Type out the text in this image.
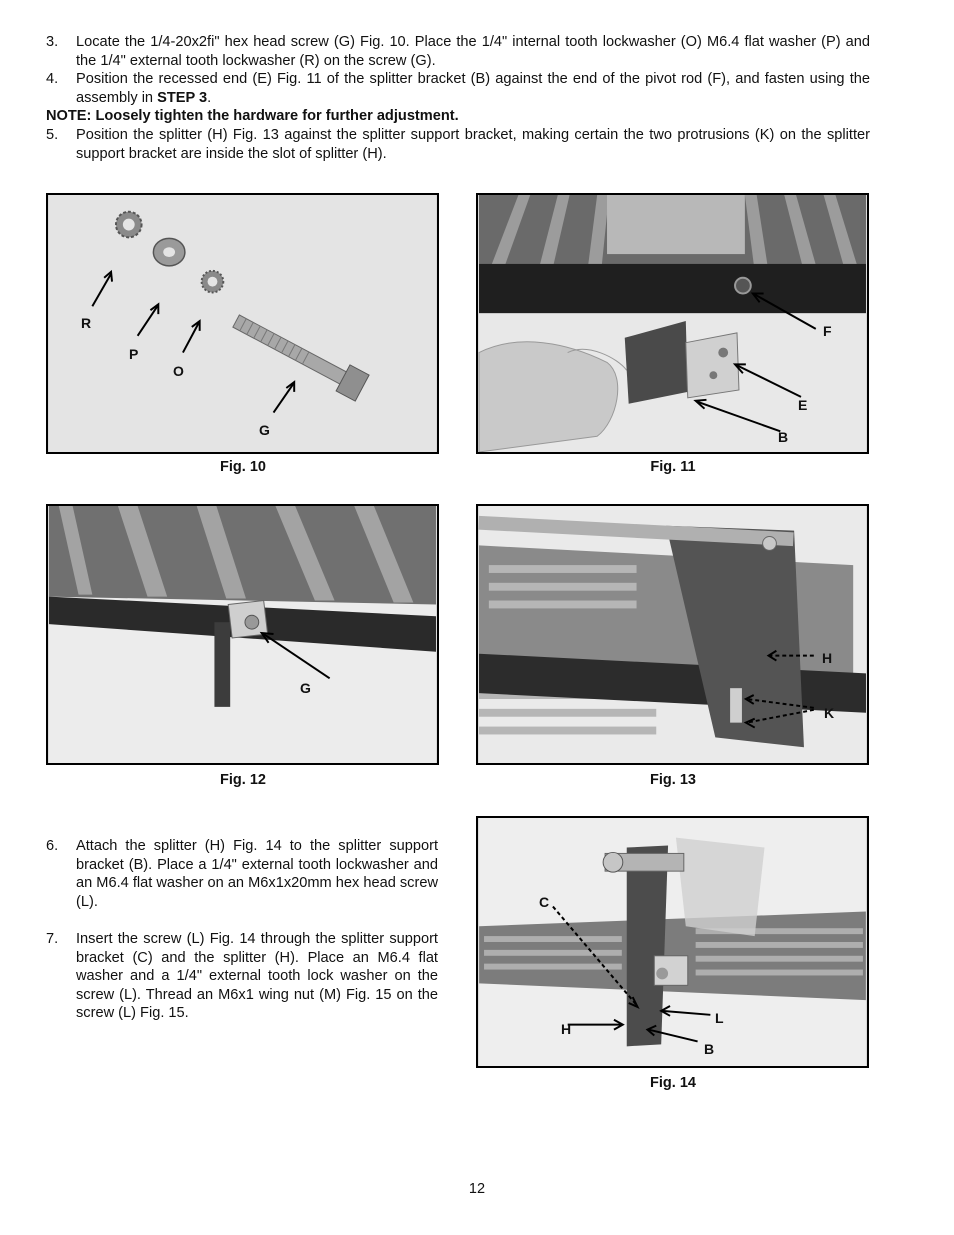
3.	Locate the 1/4-20x2fi" hex head screw (G) Fig. 10. Place the 1/4" internal tooth lockwasher (O) M6.4 flat washer (P) and the 1/4" external tooth lockwasher (R) on the screw (G).
4.	Position the recessed end (E) Fig. 11 of the splitter bracket (B) against the end of the pivot rod (F), and fasten using the assembly in STEP 3.
NOTE: Loosely tighten the hardware for further adjustment.
5.	Position the splitter (H) Fig. 13 against the splitter support bracket, making certain the two protrusions (K) on the splitter support bracket are inside the slot of splitter (H).
R
P
O
G
Fig. 10
F
E
B
Fig. 11
G
Fig. 12
H
K
Fig. 13
6.	Attach the splitter (H) Fig. 14 to the splitter support bracket (B). Place a 1/4" external tooth lockwasher and an M6.4 flat washer on an M6x1x20mm hex head screw (L).
7.	Insert the screw (L) Fig. 14 through the splitter support bracket (C) and the splitter (H). Place an M6.4 flat washer and a 1/4" external tooth lock washer on the screw (L). Thread an M6x1 wing nut (M) Fig. 15 on the screw (L) Fig. 15.
C
L
H
B
Fig. 14
12
